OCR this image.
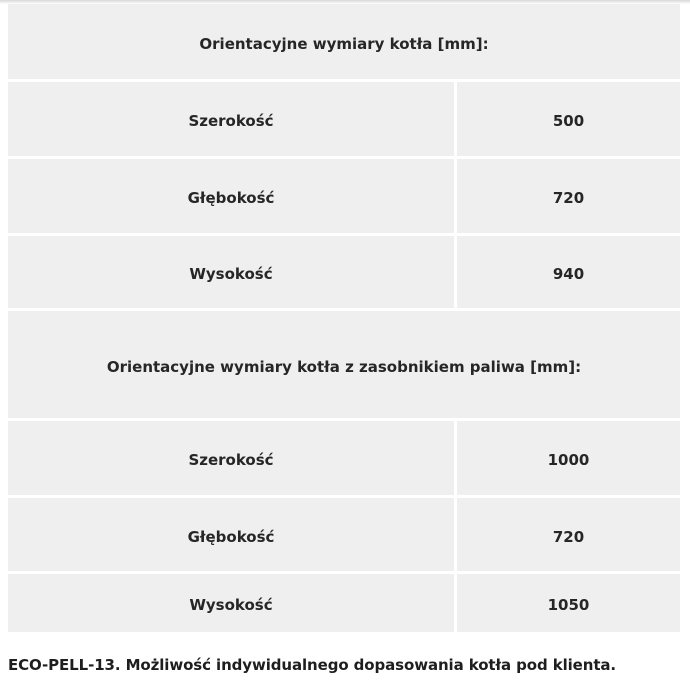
Orientacyjne wymiary kotła [mm]:
Szerokość	500
Głębokość	720
Wysokość	940
Orientacyjne wymiary kotła z zasobnikiem paliwa [mm]:
Szerokość	1000
Głębokość	720
Wysokość	1050
ECO-PELL-13. Możliwość indywidualnego dopasowania kotła pod klienta.
